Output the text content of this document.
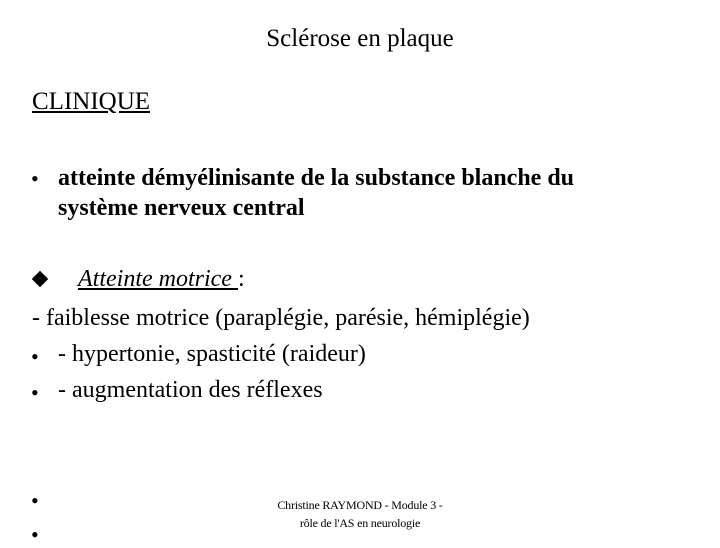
Sclérose en plaque
CLINIQUE
• atteinte démyélinisante de la substance blanche du
système nerveux central
Atteinte motrice :
- faiblesse motrice (paraplégie, parésie, hémiplégie)
• - hypertonie, spasticité (raideur)
• - augmentation des réflexes
•
•
Christine RAYMOND - Module 3 -
rôle de l'AS en neurologie
